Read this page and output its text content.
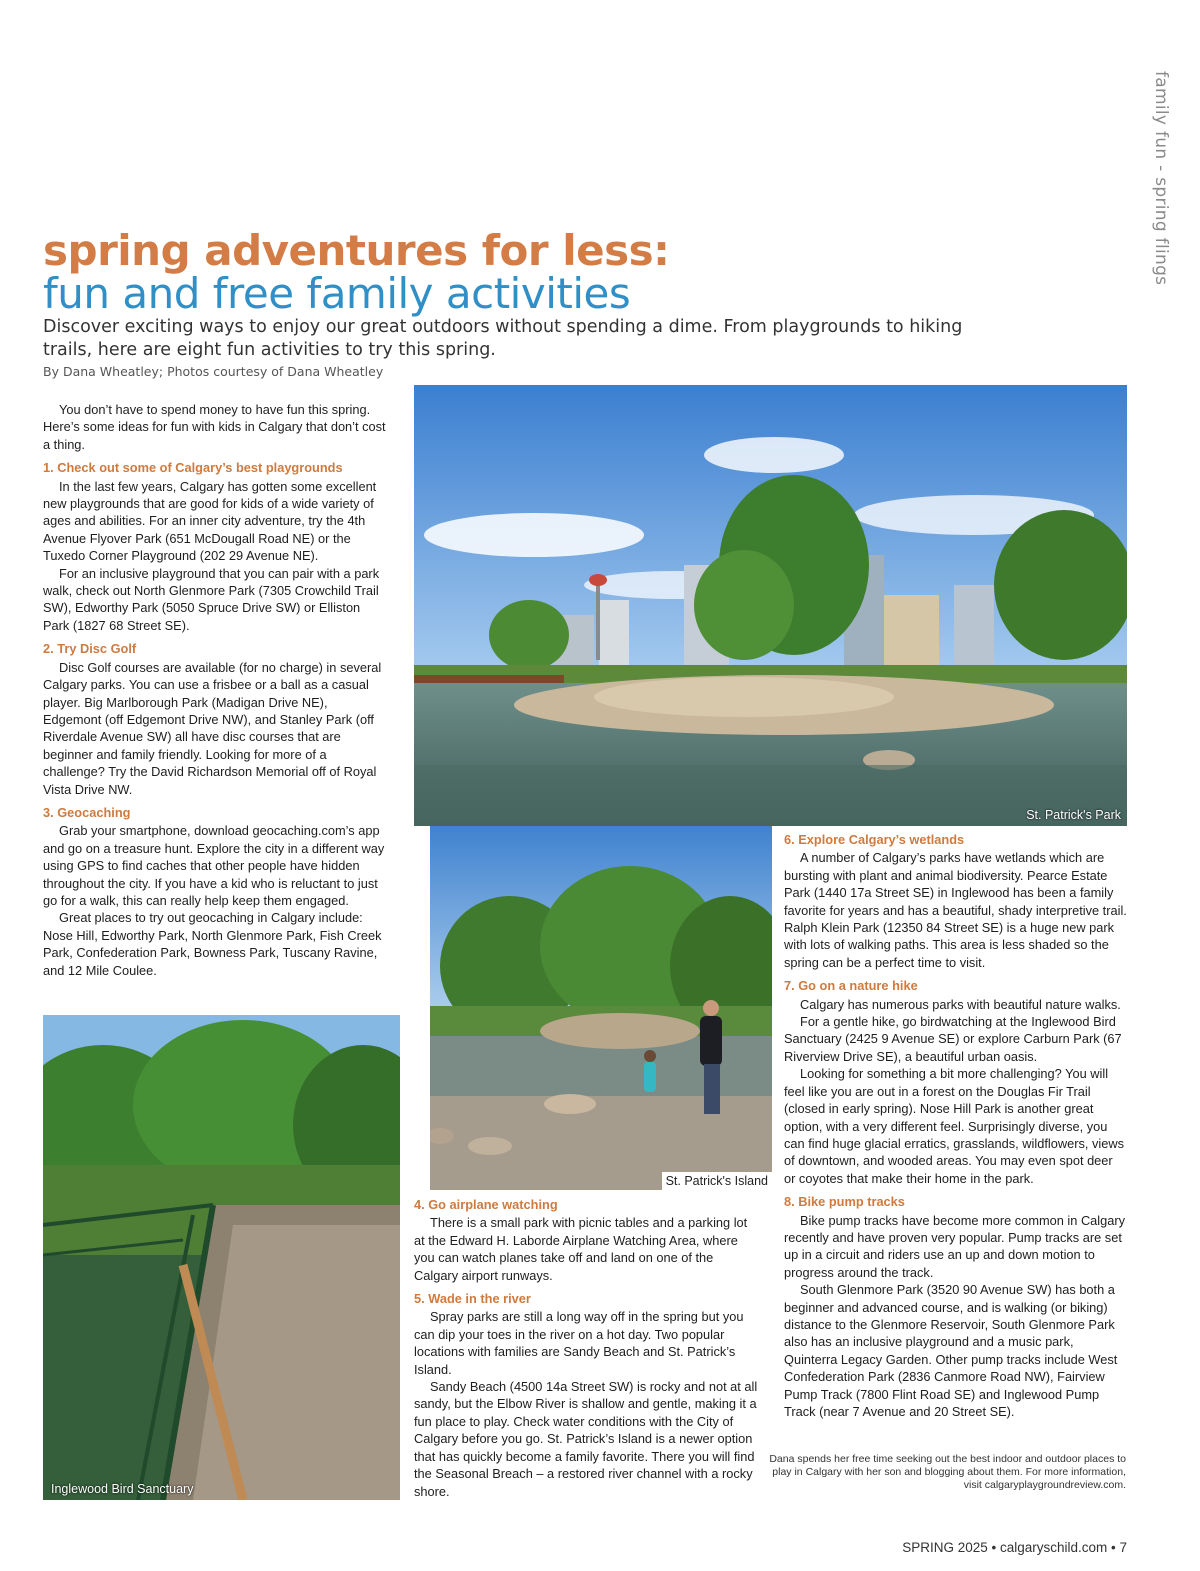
family fun - spring flings
spring adventures for less:
fun and free family activities
Discover exciting ways to enjoy our great outdoors without spending a dime. From playgrounds to hiking trails, here are eight fun activities to try this spring.
By Dana Wheatley; Photos courtesy of Dana Wheatley

You don’t have to spend money to have fun this spring. Here’s some ideas for fun with kids in Calgary that don’t cost a thing.

1. Check out some of Calgary’s best playgrounds

In the last few years, Calgary has gotten some excellent new playgrounds that are good for kids of a wide variety of ages and abilities. For an inner city adventure, try the 4th Avenue Flyover Park (651 McDougall Road NE) or the Tuxedo Corner Playground (202 29 Avenue NE).

For an inclusive playground that you can pair with a park walk, check out North Glenmore Park (7305 Crowchild Trail SW), Edworthy Park (5050 Spruce Drive SW) or Elliston Park (1827 68 Street SE).

2. Try Disc Golf

Disc Golf courses are available (for no charge) in several Calgary parks. You can use a frisbee or a ball as a casual player. Big Marlborough Park (Madigan Drive NE), Edgemont (off Edgemont Drive NW), and Stanley Park (off Riverdale Avenue SW) all have disc courses that are beginner and family friendly. Looking for more of a challenge? Try the David Richardson Memorial off of Royal Vista Drive NW.

3. Geocaching

Grab your smartphone, download geocaching.com’s app and go on a treasure hunt. Explore the city in a different way using GPS to find caches that other people have hidden throughout the city. If you have a kid who is reluctant to just go for a walk, this can really help keep them engaged.

Great places to try out geocaching in Calgary include: Nose Hill, Edworthy Park, North Glenmore Park, Fish Creek Park, Confederation Park, Bowness Park, Tuscany Ravine, and 12 Mile Coulee.

St. Patrick's Park
St. Patrick's Island
Inglewood Bird Sanctuary
4. Go airplane watching

There is a small park with picnic tables and a parking lot at the Edward H. Laborde Airplane Watching Area, where you can watch planes take off and land on one of the Calgary airport runways.

5. Wade in the river

Spray parks are still a long way off in the spring but you can dip your toes in the river on a hot day. Two popular locations with families are Sandy Beach and St. Patrick’s Island.

Sandy Beach (4500 14a Street SW) is rocky and not at all sandy, but the Elbow River is shallow and gentle, making it a fun place to play. Check water conditions with the City of Calgary before you go. St. Patrick’s Island is a newer option that has quickly become a family favorite. There you will find the Seasonal Breach – a restored river channel with a rocky shore.

6. Explore Calgary’s wetlands

A number of Calgary’s parks have wetlands which are bursting with plant and animal biodiversity. Pearce Estate Park (1440 17a Street SE) in Inglewood has been a family favorite for years and has a beautiful, shady interpretive trail. Ralph Klein Park (12350 84 Street SE) is a huge new park with lots of walking paths. This area is less shaded so the spring can be a perfect time to visit.

7. Go on a nature hike

Calgary has numerous parks with beautiful nature walks.

For a gentle hike, go birdwatching at the Inglewood Bird Sanctuary (2425 9 Avenue SE) or explore Carburn Park (67 Riverview Drive SE), a beautiful urban oasis.

Looking for something a bit more challenging? You will feel like you are out in a forest on the Douglas Fir Trail (closed in early spring). Nose Hill Park is another great option, with a very different feel. Surprisingly diverse, you can find huge glacial erratics, grasslands, wildflowers, views of downtown, and wooded areas. You may even spot deer or coyotes that make their home in the park.

8. Bike pump tracks

Bike pump tracks have become more common in Calgary recently and have proven very popular. Pump tracks are set up in a circuit and riders use an up and down motion to progress around the track.

South Glenmore Park (3520 90 Avenue SW) has both a beginner and advanced course, and is walking (or biking) distance to the Glenmore Reservoir, South Glenmore Park also has an inclusive playground and a music park, Quinterra Legacy Garden. Other pump tracks include West Confederation Park (2836 Canmore Road NW), Fairview Pump Track (7800 Flint Road SE) and Inglewood Pump Track (near 7 Avenue and 20 Street SE).

Dana spends her free time seeking out the best indoor and outdoor places to play in Calgary with her son and blogging about them. For more information, visit calgaryplaygroundreview.com.
SPRING 2025 • calgaryschild.com • 7
